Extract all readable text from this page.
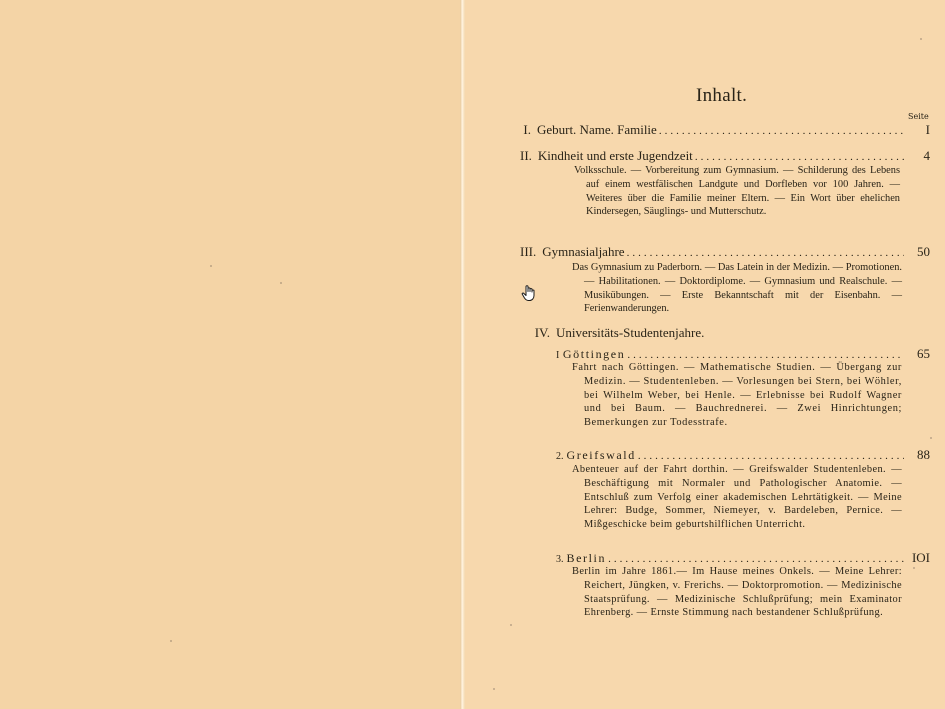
Inhalt.
Seite
I. Geburt. Name. Familie .....	I
II. Kindheit und erste Jugendzeit .....	4

Volksschule. — Vorbereitung zum Gymnasium. — Schilderung des Lebens auf einem westfälischen Landgute und Dorfleben vor 100 Jahren. — Weiteres über die Familie meiner Eltern. — Ein Wort über ehelichen Kindersegen, Säuglings- und Mutterschutz.

III. Gymnasialjahre .....	50

Das Gymnasium zu Paderborn. — Das Latein in der Medizin. — Promotionen. — Habilitationen. — Doktordiplome. — Gymnasium und Realschule. — Musikübungen. — Erste Bekanntschaft mit der Eisenbahn. — Ferienwanderungen.

IV. Universitäts-Studentenjahre.
I Göttingen .....	65

Fahrt nach Göttingen. — Mathematische Studien. — Übergang zur Medizin. — Studentenleben. — Vorlesungen bei Stern, bei Wöhler, bei Wilhelm Weber, bei Henle. — Erlebnisse bei Rudolf Wagner und bei Baum. — Bauchrednerei. — Zwei Hinrichtungen; Bemerkungen zur Todesstrafe.

2. Greifswald .....	88

Abenteuer auf der Fahrt dorthin. — Greifswalder Studentenleben. — Beschäftigung mit Normaler und Pathologischer Anatomie. — Entschluß zum Verfolg einer akademischen Lehrtätigkeit. — Meine Lehrer: Budge, Sommer, Niemeyer, v. Bardeleben, Pernice. — Mißgeschicke beim geburtshilflichen Unterricht.

3. Berlin .....	IOI

Berlin im Jahre 1861.— Im Hause meines Onkels. — Meine Lehrer: Reichert, Jüngken, v. Frerichs. — Doktorpromotion. — Medizinische Staatsprüfung. — Medizinische Schlußprüfung; mein Examinator Ehrenberg. — Ernste Stimmung nach bestandener Schlußprüfung.
